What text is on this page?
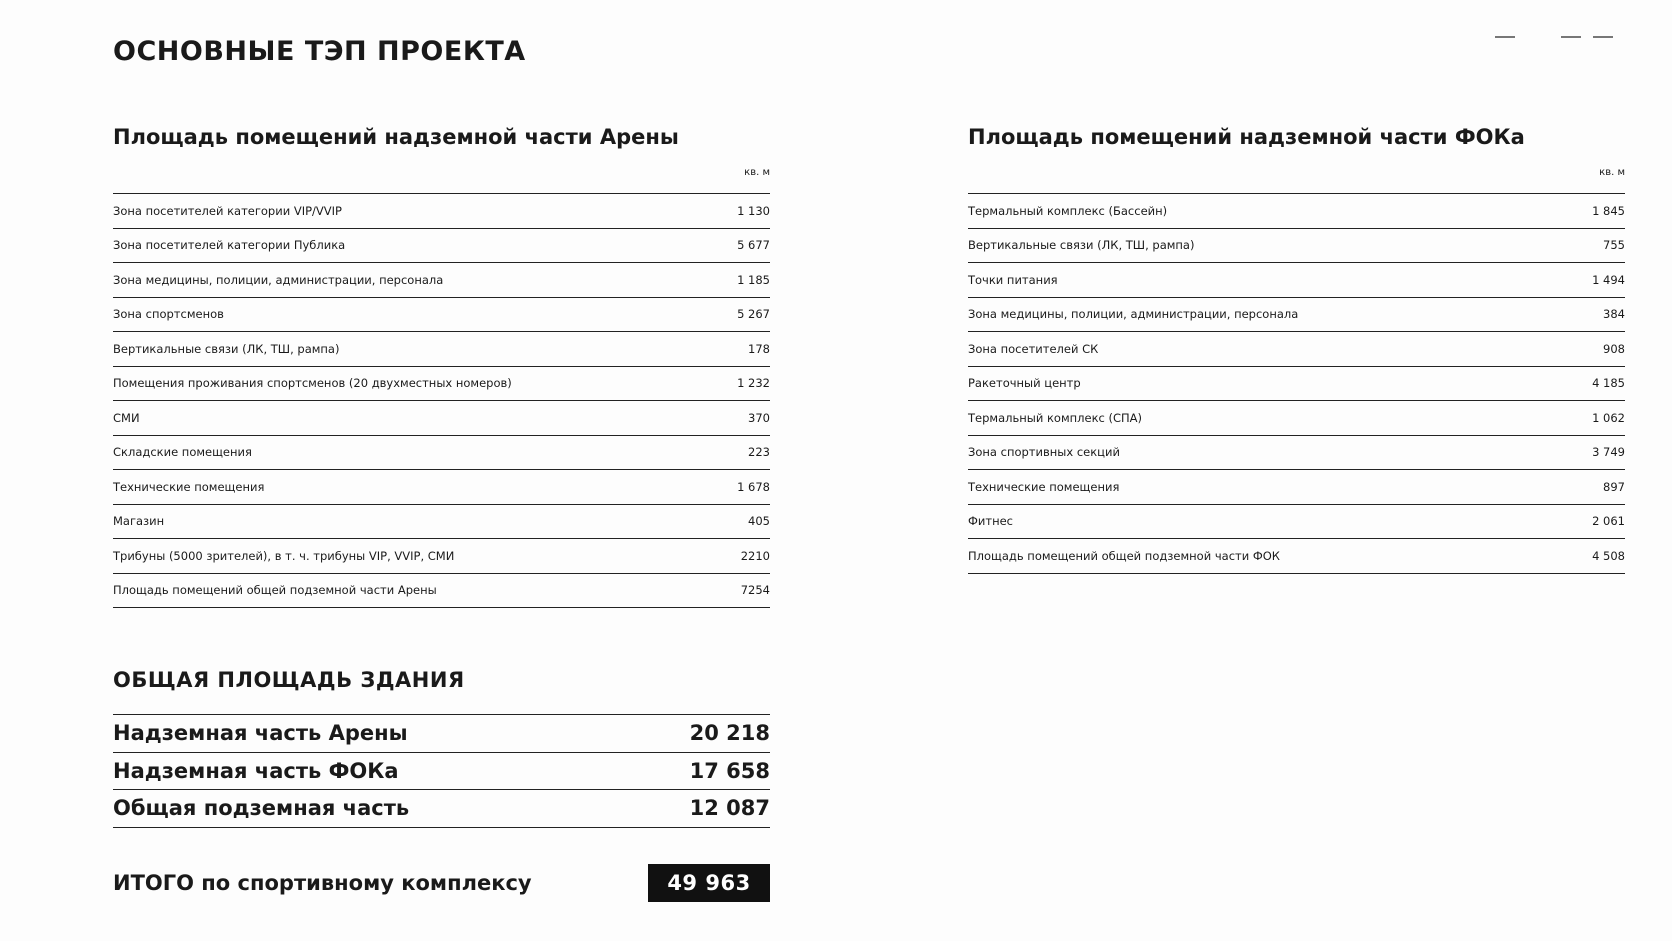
ОСНОВНЫЕ ТЭП ПРОЕКТА
Площадь помещений надземной части Арены
кв. м
Зона посетителей категории VIP/VVIP	1 130
Зона посетителей категории Публика	5 677
Зона медицины, полиции, администрации, персонала	1 185
Зона спортсменов	5 267
Вертикальные связи (ЛК, ТШ, рампа)	178
Помещения проживания спортсменов (20 двухместных номеров)	1 232
СМИ	370
Складские помещения	223
Технические помещения	1 678
Магазин	405
Трибуны (5000 зрителей), в т. ч. трибуны VIP, VVIP, СМИ	2210
Площадь помещений общей подземной части Арены	7254
Площадь помещений надземной части ФОКа
кв. м
Термальный комплекс (Бассейн)	1 845
Вертикальные связи (ЛК, ТШ, рампа)	755
Точки питания	1 494
Зона медицины, полиции, администрации, персонала	384
Зона посетителей СК	908
Ракеточный центр	4 185
Термальный комплекс (СПА)	1 062
Зона спортивных секций	3 749
Технические помещения	897
Фитнес	2 061
Площадь помещений общей подземной части ФОК	4 508
ОБЩАЯ ПЛОЩАДЬ ЗДАНИЯ
Надземная часть Арены	20 218
Надземная часть ФОКа	17 658
Общая подземная часть	12 087
ИТОГО по спортивному комплексу	49 963
